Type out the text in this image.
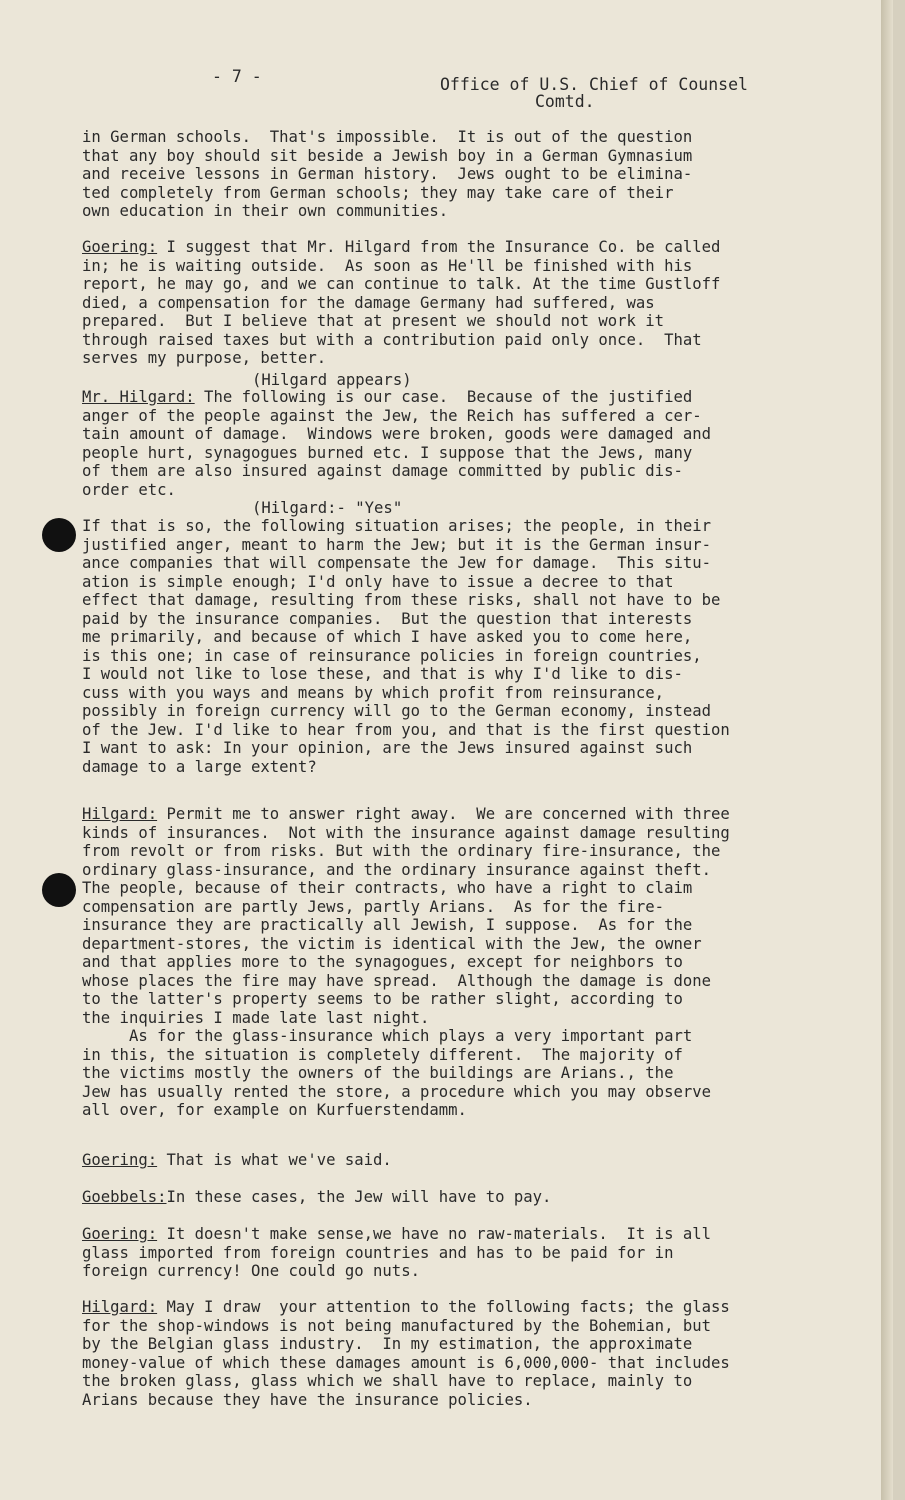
- 7 -	Office of U.S. Chief of Counsel
Comtd.
in German schools.  That's impossible.  It is out of the question
that any boy should sit beside a Jewish boy in a German Gymnasium
and receive lessons in German history.  Jews ought to be elimina-
ted completely from German schools; they may take care of their
own education in their own communities.
Goering: I suggest that Mr. Hilgard from the Insurance Co. be called
in; he is waiting outside.  As soon as He'll be finished with his
report, he may go, and we can continue to talk. At the time Gustloff
died, a compensation for the damage Germany had suffered, was
prepared.  But I believe that at present we should not work it
through raised taxes but with a contribution paid only once.  That
serves my purpose, better.
(Hilgard appears)
Mr. Hilgard: The following is our case.  Because of the justified
anger of the people against the Jew, the Reich has suffered a cer-
tain amount of damage.  Windows were broken, goods were damaged and
people hurt, synagogues burned etc. I suppose that the Jews, many
of them are also insured against damage committed by public dis-
order etc.
(Hilgard:- "Yes"
If that is so, the following situation arises; the people, in their
justified anger, meant to harm the Jew; but it is the German insur-
ance companies that will compensate the Jew for damage.  This situ-
ation is simple enough; I'd only have to issue a decree to that
effect that damage, resulting from these risks, shall not have to be
paid by the insurance companies.  But the question that interests
me primarily, and because of which I have asked you to come here,
is this one; in case of reinsurance policies in foreign countries,
I would not like to lose these, and that is why I'd like to dis-
cuss with you ways and means by which profit from reinsurance,
possibly in foreign currency will go to the German economy, instead
of the Jew. I'd like to hear from you, and that is the first question
I want to ask: In your opinion, are the Jews insured against such
damage to a large extent?
Hilgard: Permit me to answer right away.  We are concerned with three
kinds of insurances.  Not with the insurance against damage resulting
from revolt or from risks. But with the ordinary fire-insurance, the
ordinary glass-insurance, and the ordinary insurance against theft.
The people, because of their contracts, who have a right to claim
compensation are partly Jews, partly Arians.  As for the fire-
insurance they are practically all Jewish, I suppose.  As for the
department-stores, the victim is identical with the Jew, the owner
and that applies more to the synagogues, except for neighbors to
whose places the fire may have spread.  Although the damage is done
to the latter's property seems to be rather slight, according to
the inquiries I made late last night.
As for the glass-insurance which plays a very important part
in this, the situation is completely different.  The majority of
the victims mostly the owners of the buildings are Arians., the
Jew has usually rented the store, a procedure which you may observe
all over, for example on Kurfuerstendamm.
Goering: That is what we've said.
Goebbels:In these cases, the Jew will have to pay.
Goering: It doesn't make sense,we have no raw-materials.  It is all
glass imported from foreign countries and has to be paid for in
foreign currency! One could go nuts.
Hilgard: May I draw  your attention to the following facts; the glass
for the shop-windows is not being manufactured by the Bohemian, but
by the Belgian glass industry.  In my estimation, the approximate
money-value of which these damages amount is 6,000,000- that includes
the broken glass, glass which we shall have to replace, mainly to
Arians because they have the insurance policies.
